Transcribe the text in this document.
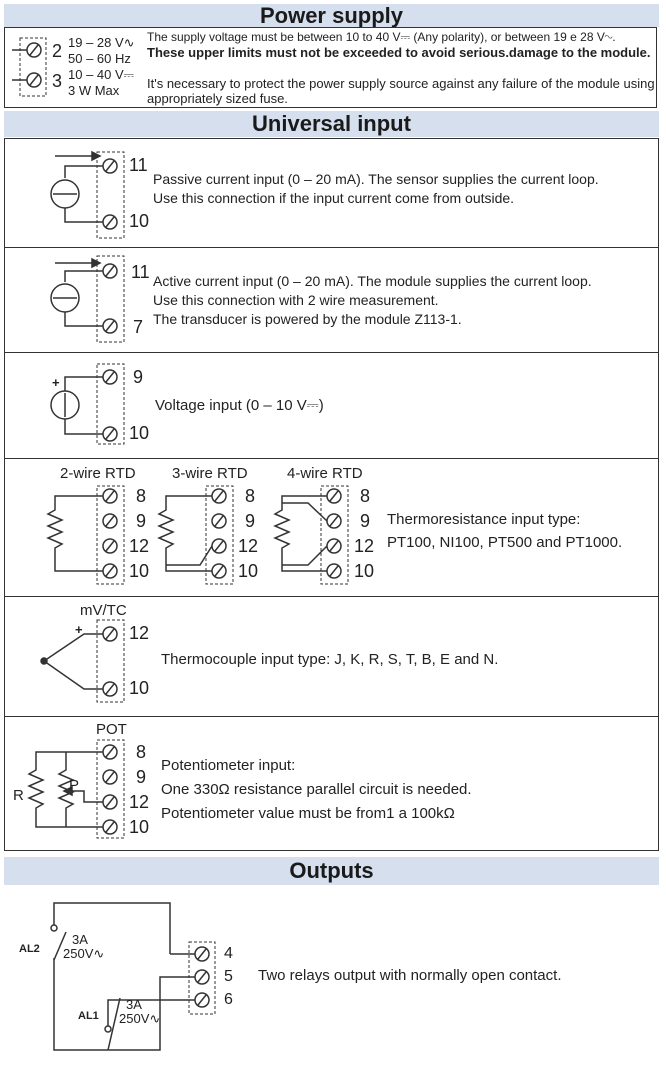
Power supply
2
3
19 – 28 V∿
50 – 60 Hz
10 – 40 V⎓
3 W Max
The supply voltage must be between 10 to 40 V⎓ (Any polarity), or between 19 e 28 V∿.
These upper limits must not be exceeded to avoid serious.damage to the module.
It's necessary to protect the power supply source against any failure of the module using appropriately sized fuse.
Universal input
11
10
Passive current input (0 – 20 mA). The sensor supplies the current loop.
Use this connection if the input current come from outside.
11
7
Active current input (0 – 20 mA). The module supplies the current loop.
Use this connection with 2 wire measurement.
The transducer is powered by the module Z113-1.
+	9
10
Voltage input (0 – 10 V⎓)
2-wire RTD 3-wire RTD	4-wire RTD
8
9
12
10
8
9
12
10
8
9
12
10
Thermoresistance input type:
PT100, NI100, PT500 and PT1000.
mV/TC
+	12
10
Thermocouple input type: J, K, R, S, T, B, E and N.
POT
R
P
8
9
12
10
Potentiometer input:
One 330Ω resistance parallel circuit is needed.
Potentiometer value must be from1 a 100kΩ
Outputs
AL2
3A
250V∿
AL1
3A
250V∿
4
5
6
Two relays output with normally open contact.
